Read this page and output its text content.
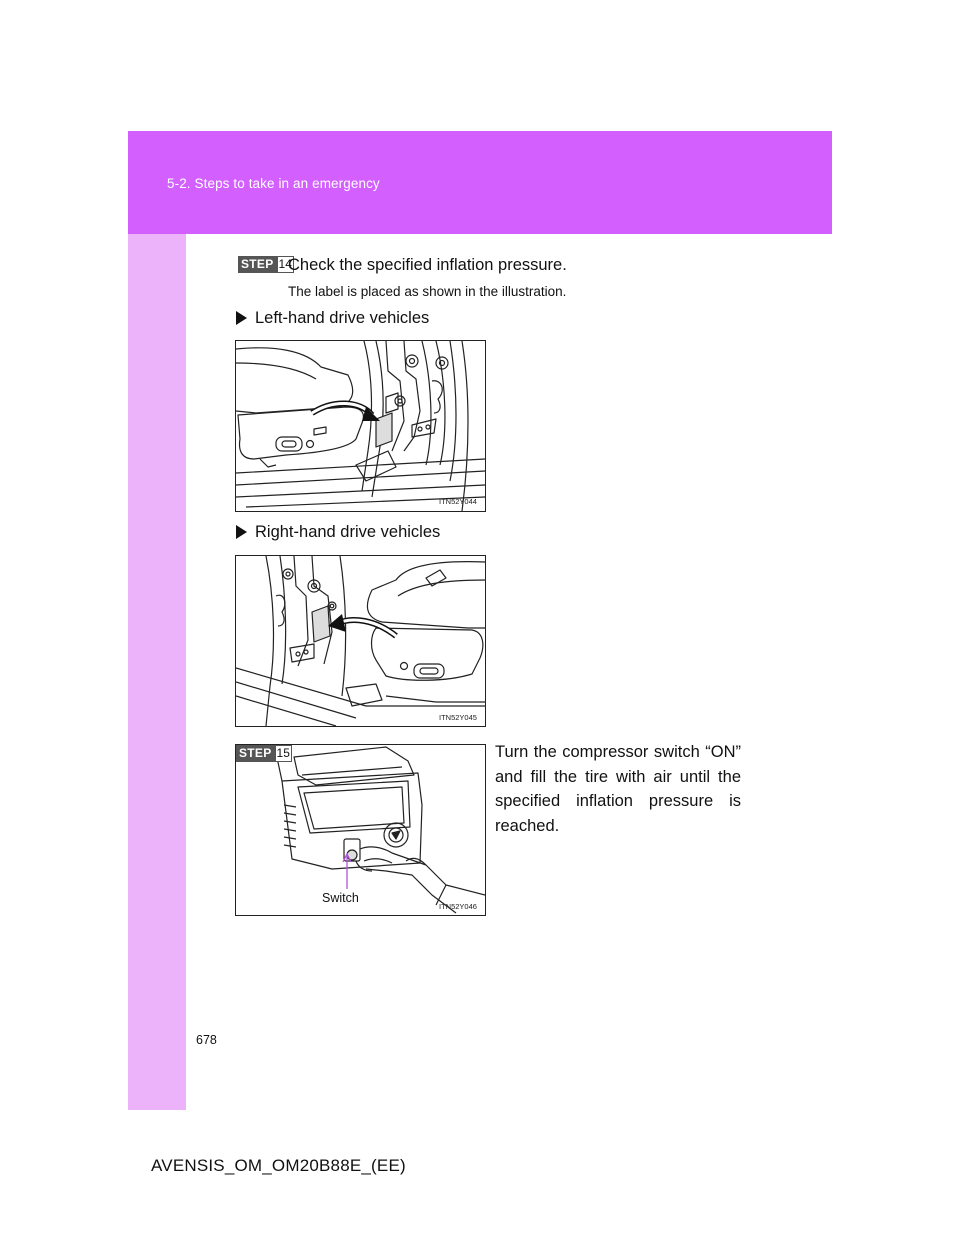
5-2. Steps to take in an emergency
STEP 14
Check the specified inflation pressure.
The label is placed as shown in the illustration.
Left-hand drive vehicles
ITN52Y044
Right-hand drive vehicles
ITN52Y045
ITN52Y046
STEP 15
Switch
Turn the compressor switch “ON” and fill the tire with air until the specified inflation pressure is reached.
678
AVENSIS_OM_OM20B88E_(EE)
